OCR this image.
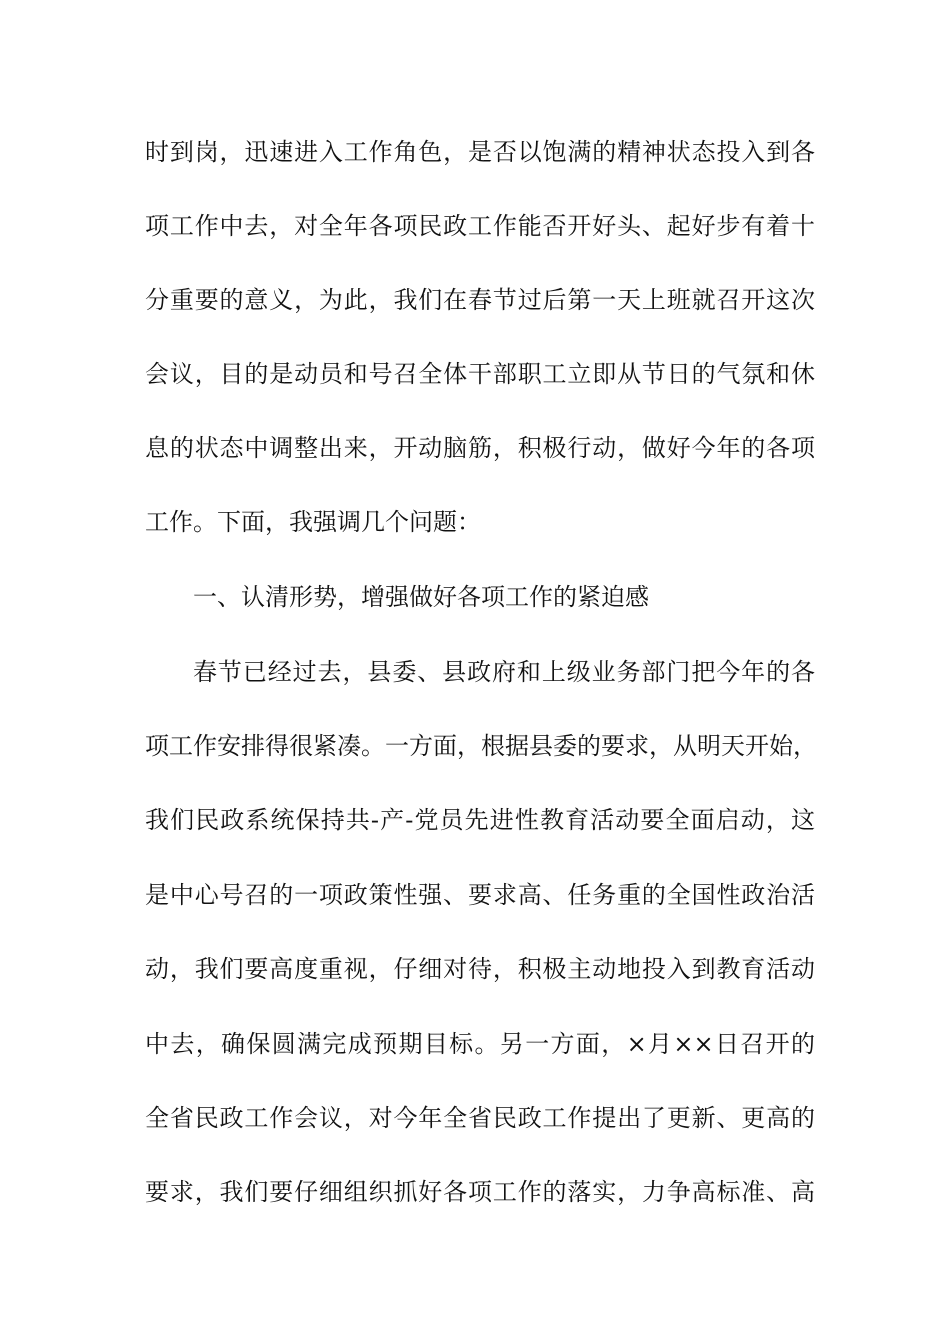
时到岗，迅速进入工作角色，是否以饱满的精神状态投入到各
项工作中去，对全年各项民政工作能否开好头、起好步有着十
分重要的意义，为此，我们在春节过后第一天上班就召开这次
会议，目的是动员和号召全体干部职工立即从节日的气氛和休
息的状态中调整出来，开动脑筋，积极行动，做好今年的各项
工作。下面，我强调几个问题：
一、认清形势，增强做好各项工作的紧迫感
春节已经过去，县委、县政府和上级业务部门把今年的各
项工作安排得很紧凑。一方面，根据县委的要求，从明天开始，
我们民政系统保持共-产-党员先进性教育活动要全面启动，这
是中心号召的一项政策性强、要求高、任务重的全国性政治活
动，我们要高度重视，仔细对待，积极主动地投入到教育活动
中去，确保圆满完成预期目标。另一方面，×月××日召开的
全省民政工作会议，对今年全省民政工作提出了更新、更高的
要求，我们要仔细组织抓好各项工作的落实，力争高标准、高
